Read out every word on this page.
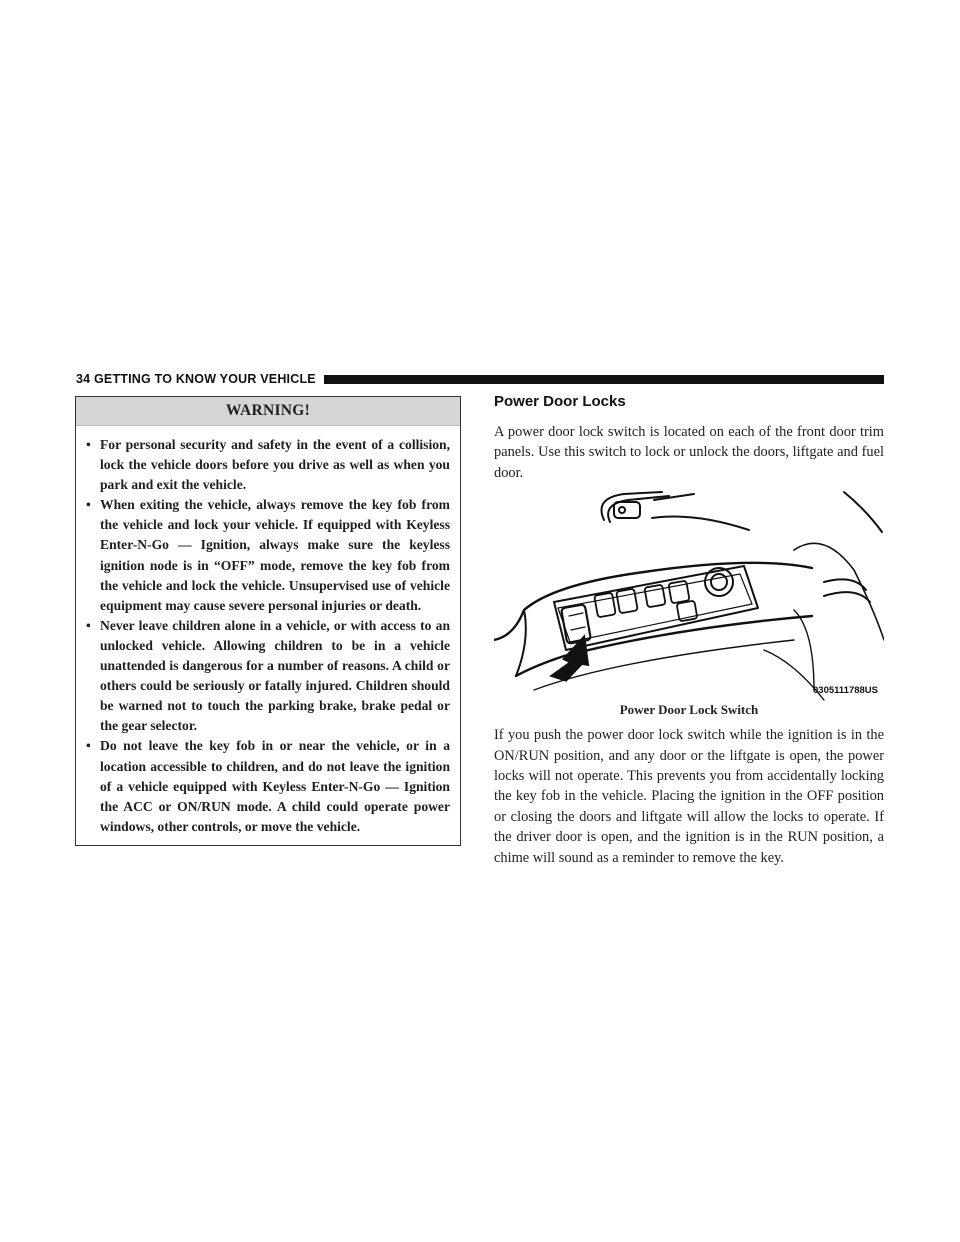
34 GETTING TO KNOW YOUR VEHICLE
WARNING!
• For personal security and safety in the event of a collision, lock the vehicle doors before you drive as well as when you park and exit the vehicle.
• When exiting the vehicle, always remove the key fob from the vehicle and lock your vehicle. If equipped with Keyless Enter-N-Go — Ignition, always make sure the keyless ignition node is in “OFF” mode, remove the key fob from the vehicle and lock the vehicle. Unsupervised use of vehicle equipment may cause severe personal injuries or death.
• Never leave children alone in a vehicle, or with access to an unlocked vehicle. Allowing children to be in a vehicle unattended is dangerous for a number of reasons. A child or others could be seriously or fatally injured. Children should be warned not to touch the parking brake, brake pedal or the gear selector.
• Do not leave the key fob in or near the vehicle, or in a location accessible to children, and do not leave the ignition of a vehicle equipped with Keyless Enter-N-Go — Ignition the ACC or ON/RUN mode. A child could operate power windows, other controls, or move the vehicle.
Power Door Locks

A power door lock switch is located on each of the front door trim panels. Use this switch to lock or unlock the doors, liftgate and fuel door.

0305111788US
Power Door Lock Switch

If you push the power door lock switch while the ignition is in the ON/RUN position, and any door or the liftgate is open, the power locks will not operate. This prevents you from accidentally locking the key fob in the vehicle. Placing the ignition in the OFF position or closing the doors and liftgate will allow the locks to operate. If the driver door is open, and the ignition is in the RUN position, a chime will sound as a reminder to remove the key.
